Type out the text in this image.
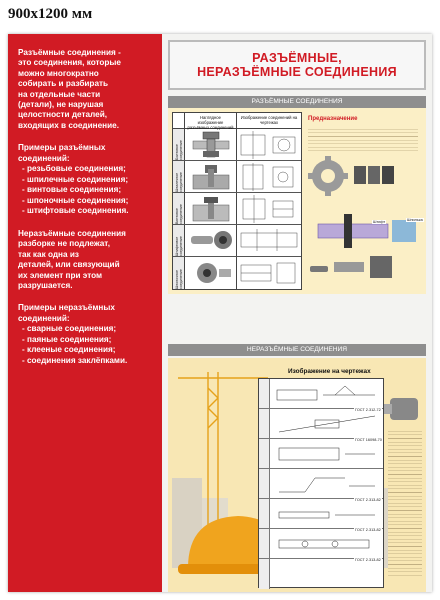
900x1200 мм

Разъёмные соединения -

это соединения, которые

можно многократно

собирать и разбирать

на отдельные части

(детали), не нарушая

целостности деталей,

входящих в соединение.

Примеры разъёмных

соединений:

- резьбовые соединения;
- шпилечные соединения;
- винтовые соединения;
- шпоночные соединения;
- штифтовые соединения.

Неразъёмные соединения

разборке не подлежат,

так как одна из

деталей, или связующий

их элемент при этом

разрушается.

Примеры неразъёмных

соединений:

- сварные соединения;
- паяные соединения;
- клееные соединения;
- соединения заклёпками.
РАЗЪЁМНЫЕ,
НЕРАЗЪЁМНЫЕ СОЕДИНЕНИЯ
РАЗЪЁМНЫЕ СОЕДИНЕНИЯ
Наглядное изображение разъёмных соединений
Изображение соединений на чертежах
Болтовое соединение
Шпилечное соединение
Винтовое соединение
Штифтовое соединение
Шпоночное соединение
Предназначение
Шпилька
Штифт
НЕРАЗЪЁМНЫЕ СОЕДИНЕНИЯ
Изображение на чертежах
ГОСТ 2.312-72
ГОСТ 16098-70
ГОСТ 2.313-82
ГОСТ 2.313-82
ГОСТ 2.313-82
